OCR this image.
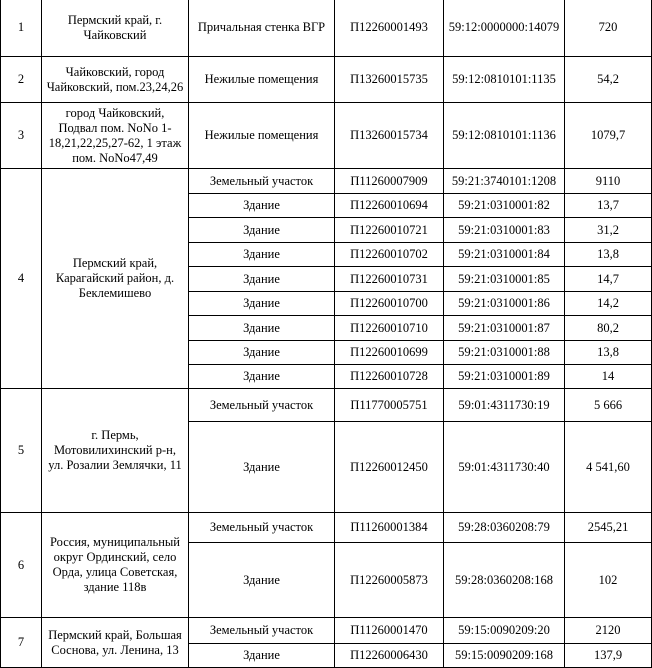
1	Пермский край, г. Чайковский	Причальная стенка ВГР	П12260001493	59:12:0000000:14079	720
2	Чайковский, город Чайковский, пом.23,24,26	Нежилые помещения	П13260015735	59:12:0810101:1135	54,2
3	город Чайковский, Подвал пом. NoNo 1-18,21,22,25,27-62, 1 этаж пом. NoNo47,49	Нежилые помещения	П13260015734	59:12:0810101:1136	1079,7
4	Пермский край, Карагайский район, д. Беклемишево	Земельный участок	П11260007909	59:21:3740101:1208	9110
		Здание	П12260010694	59:21:0310001:82	13,7
		Здание	П12260010721	59:21:0310001:83	31,2
		Здание	П12260010702	59:21:0310001:84	13,8
		Здание	П12260010731	59:21:0310001:85	14,7
		Здание	П12260010700	59:21:0310001:86	14,2
		Здание	П12260010710	59:21:0310001:87	80,2
		Здание	П12260010699	59:21:0310001:88	13,8
		Здание	П12260010728	59:21:0310001:89	14
5	г. Пермь, Мотовилихинский р-н, ул. Розалии Землячки, 11	Земельный участок	П11770005751	59:01:4311730:19	5 666
		Здание	П12260012450	59:01:4311730:40	4 541,60
6	Россия, муниципальный округ Ординский, село Орда, улица Советская, здание 118в	Земельный участок	П11260001384	59:28:0360208:79	2545,21
		Здание	П12260005873	59:28:0360208:168	102
7	Пермский край, Большая Соснова, ул. Ленина, 13	Земельный участок	П11260001470	59:15:0090209:20	2120
		Здание	П12260006430	59:15:0090209:168	137,9
